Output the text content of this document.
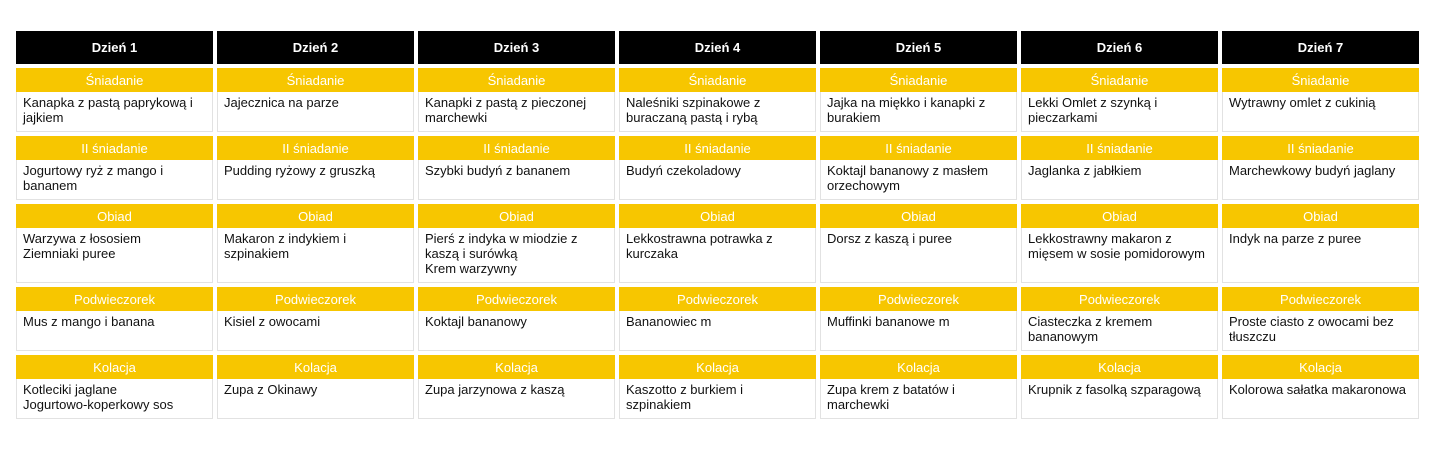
Dzień 1
Śniadanie
Kanapka z pastą paprykową i jajkiem
II śniadanie
Jogurtowy ryż z mango i bananem
Obiad
Warzywa z łososiem
Ziemniaki puree
Podwieczorek
Mus z mango i banana
Kolacja
Kotleciki jaglane
Jogurtowo-koperkowy sos
Dzień 2
Śniadanie
Jajecznica na parze
II śniadanie
Pudding ryżowy z gruszką
Obiad
Makaron z indykiem i szpinakiem
Podwieczorek
Kisiel z owocami
Kolacja
Zupa z Okinawy
Dzień 3
Śniadanie
Kanapki z pastą z pieczonej marchewki
II śniadanie
Szybki budyń z bananem
Obiad
Pierś z indyka w miodzie z kaszą i surówką
Krem warzywny
Podwieczorek
Koktajl bananowy
Kolacja
Zupa jarzynowa z kaszą
Dzień 4
Śniadanie
Naleśniki szpinakowe z buraczaną pastą i rybą
II śniadanie
Budyń czekoladowy
Obiad
Lekkostrawna potrawka z kurczaka
Podwieczorek
Bananowiec m
Kolacja
Kaszotto z burkiem i szpinakiem
Dzień 5
Śniadanie
Jajka na miękko i kanapki z burakiem
II śniadanie
Koktajl bananowy z masłem orzechowym
Obiad
Dorsz z kaszą i puree
Podwieczorek
Muffinki bananowe m
Kolacja
Zupa krem z batatów i marchewki
Dzień 6
Śniadanie
Lekki Omlet z szynką i pieczarkami
II śniadanie
Jaglanka z jabłkiem
Obiad
Lekkostrawny makaron z mięsem w sosie pomidorowym
Podwieczorek
Ciasteczka z kremem bananowym
Kolacja
Krupnik z fasolką szparagową
Dzień 7
Śniadanie
Wytrawny omlet z cukinią
II śniadanie
Marchewkowy budyń jaglany
Obiad
Indyk na parze z puree
Podwieczorek
Proste ciasto z owocami bez tłuszczu
Kolacja
Kolorowa sałatka makaronowa
